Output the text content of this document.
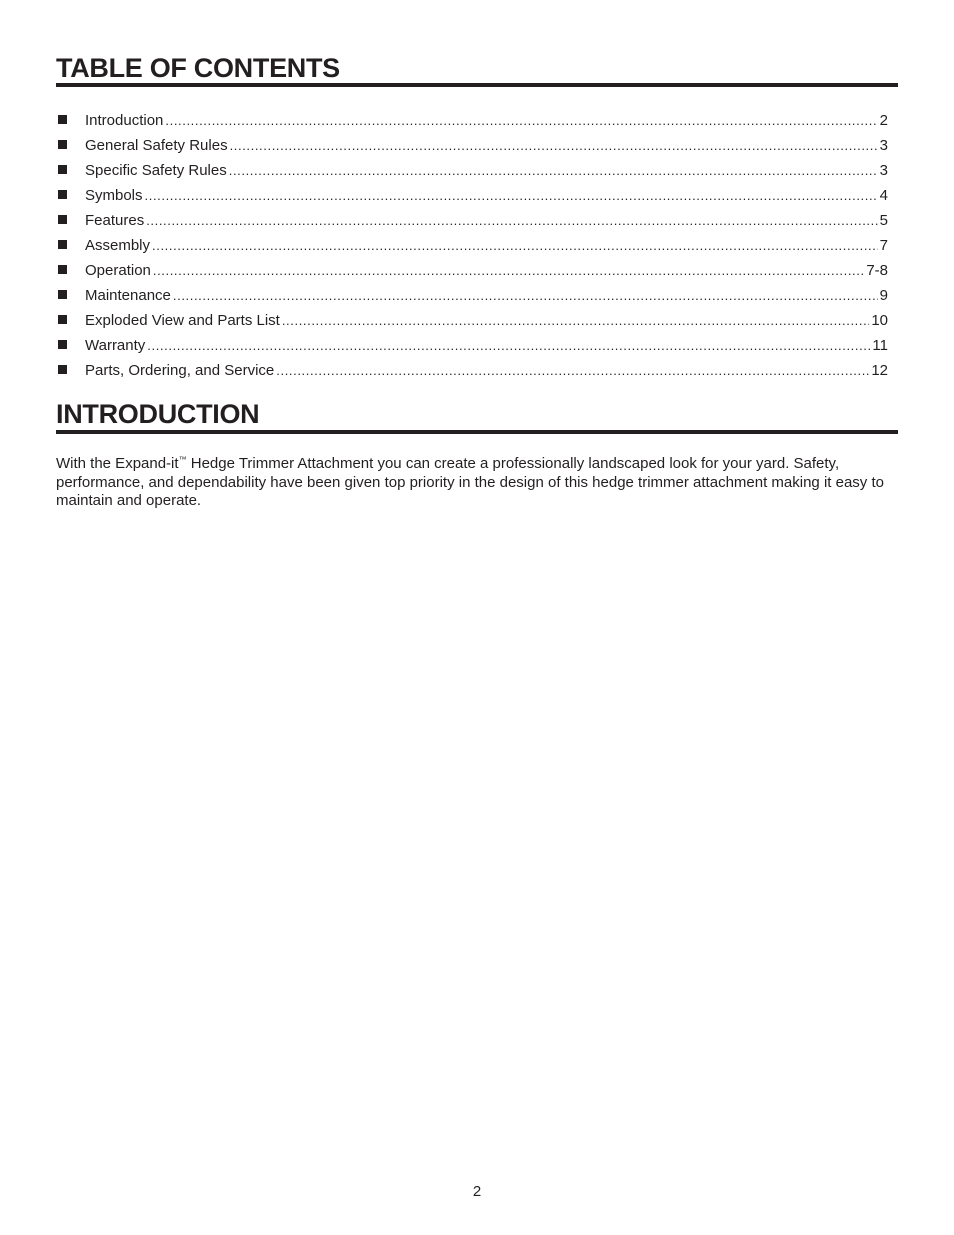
TABLE OF CONTENTS
Introduction .....	2
General Safety Rules .....	3
Specific Safety Rules .....	3
Symbols .....	4
Features .....	5
Assembly .....	7
Operation .....	7-8
Maintenance .....	9
Exploded View and Parts List .....	10
Warranty .....	11
Parts, Ordering, and Service .....	12
INTRODUCTION

With the Expand-it™ Hedge Trimmer Attachment you can create a professionally landscaped look for your yard. Safety, performance, and dependability have been given top priority in the design of this hedge trimmer attachment making it easy to maintain and operate.

2
